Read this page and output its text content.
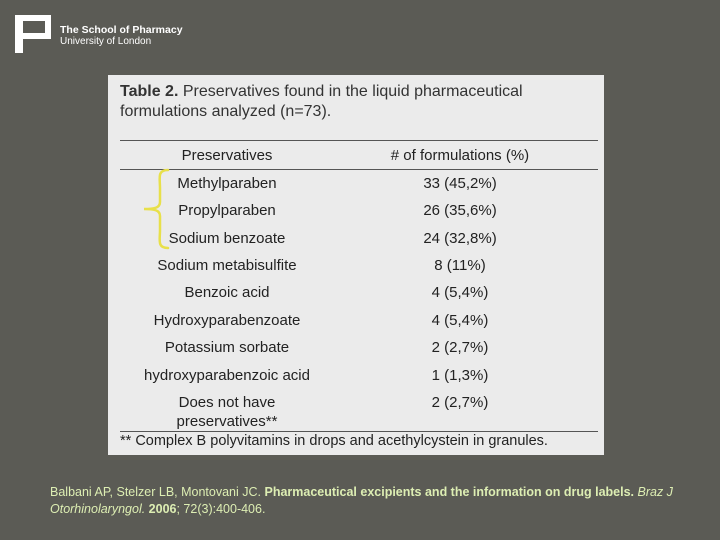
The School of Pharmacy
University of London
Table 2. Preservatives found in the liquid pharmaceutical formulations analyzed (n=73).
Preservatives	# of formulations (%)
Methylparaben	33 (45,2%)
Propylparaben	26 (35,6%)
Sodium benzoate	24 (32,8%)
Sodium metabisulfite	8 (11%)
Benzoic acid	4 (5,4%)
Hydroxyparabenzoate	4 (5,4%)
Potassium sorbate	2 (2,7%)
hydroxyparabenzoic acid	1 (1,3%)
Does not have	2 (2,7%)
preservatives**
** Complex B polyvitamins in drops and acethylcystein in granules.
Balbani AP, Stelzer LB, Montovani JC. Pharmaceutical excipients and the information on drug labels. Braz J Otorhinolaryngol. 2006; 72(3):400-406.
